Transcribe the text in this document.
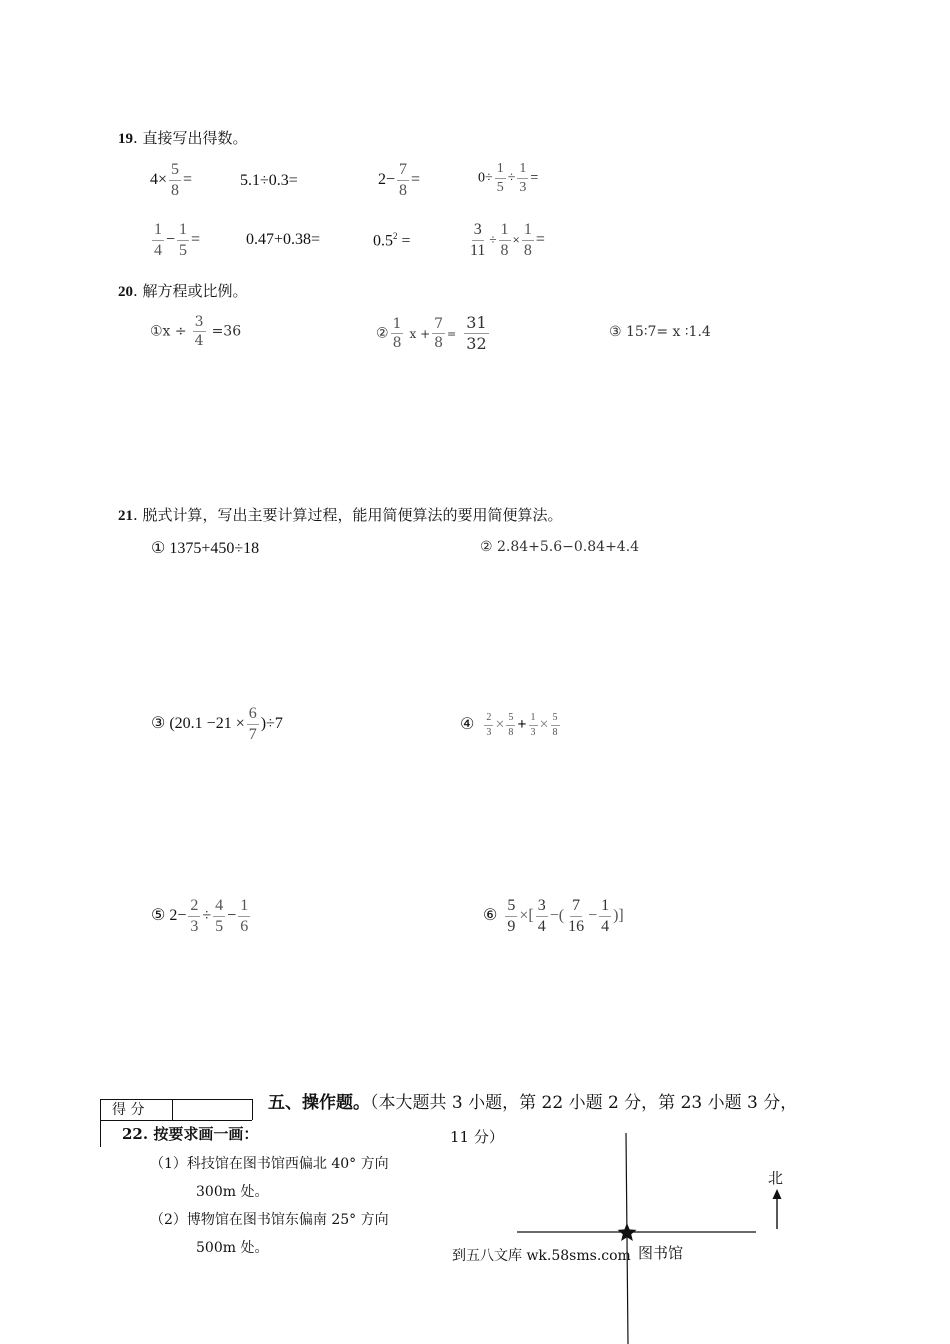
19. 直接写出得数。
$4\times \frac{5}{8}$ =	5.1÷0.3=	$2- \frac{7}{8}$ =	$0\div \frac{1}{5} \div \frac{1}{3}$ =
$\frac{1}{4} - \frac{1}{5}$ =	0.47+0.38=	$0.5^2$ =	$\frac{3}{11} \div \frac{1}{8} \times \frac{1}{8}$ =
20. 解方程或比例。
①x ÷ $\frac{3}{4} =36$	② $\frac{1}{8}$ $x + \frac{7}{8} = \frac{31}{32}$	③ 15∶7= x ∶1.4
21. 脱式计算，写出主要计算过程，能用简便算法的要用简便算法。
① 1375+450÷18	② 2.84+5.6−0.84+4.4
③ $(20.1 -21 \times \frac{6}{7} )\div 7$	④ $\frac{2}{3} \times \frac{5}{8} + \frac{1}{3} \times \frac{5}{8}$
⑤ $2- \frac{2}{3} \div \frac{4}{5} - \frac{1}{6}$	⑥ $\frac{5}{9}$ ×[ $\frac{3}{4}$ −( $\frac{7}{16} - \frac{1}{4}$ )]
得 分	五、操作题。（本大题共 3 小题，第 22 小题 2 分，第 23 小题 3 分，
11 分）
22. 按要求画一画：
（1）科技馆在图书馆西偏北 40° 方向
300m 处。
（2）博物馆在图书馆东偏南 25° 方向
500m 处。
北
图书馆
到五八文库 wk.58sms.com
